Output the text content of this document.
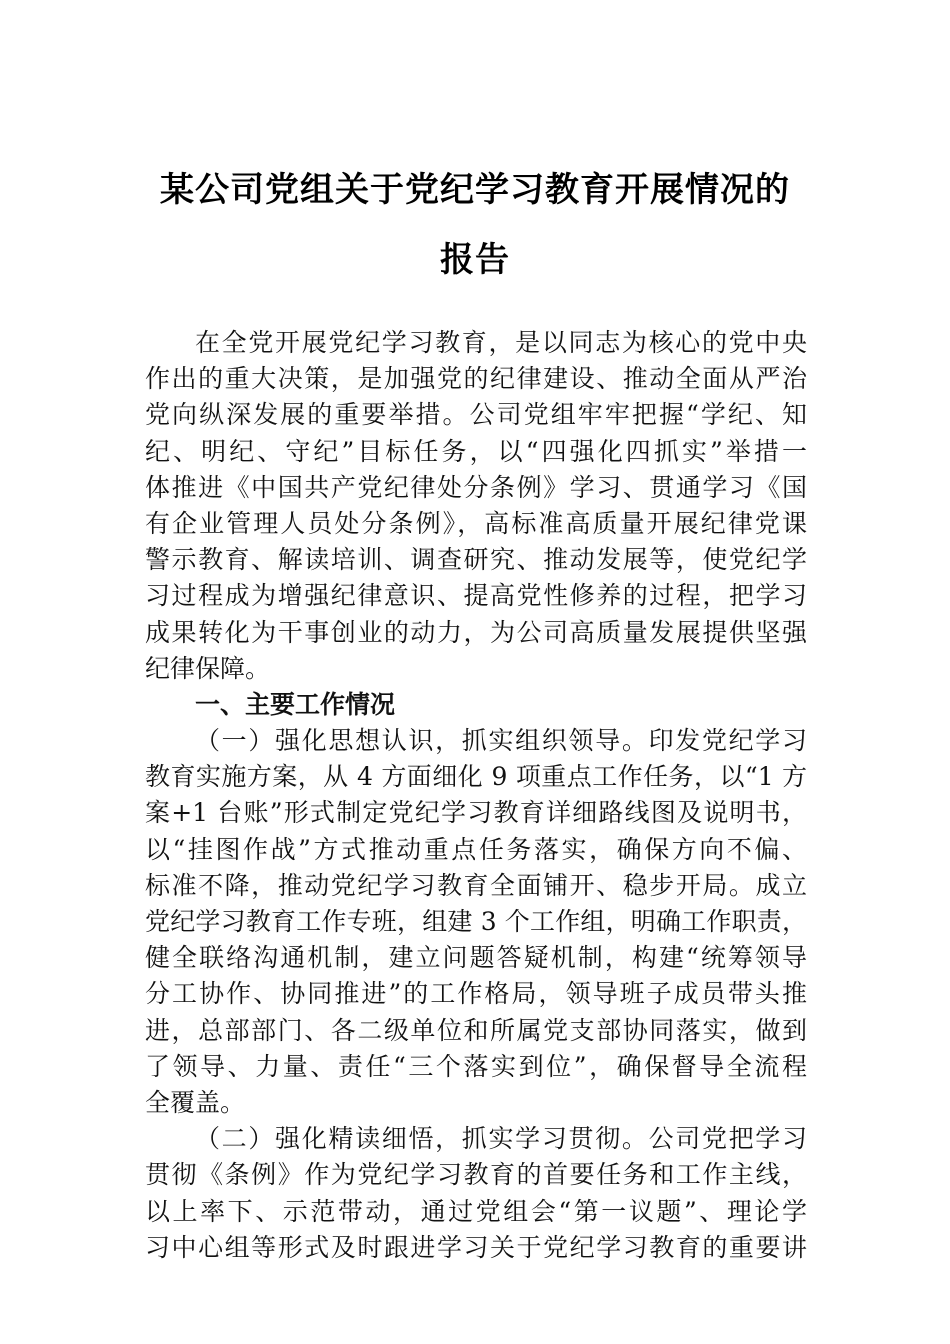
某公司党组关于党纪学习教育开展情况的
报告
在全党开展党纪学习教育，是以同志为核心的党中央
作出的重大决策，是加强党的纪律建设、推动全面从严治
党向纵深发展的重要举措。公司党组牢牢把握“学纪、知
纪、明纪、守纪”目标任务，以“四强化四抓实”举措一
体推进《中国共产党纪律处分条例》学习、贯通学习《国
有企业管理人员处分条例》，高标准高质量开展纪律党课
警示教育、解读培训、调查研究、推动发展等，使党纪学
习过程成为增强纪律意识、提高党性修养的过程，把学习
成果转化为干事创业的动力，为公司高质量发展提供坚强
纪律保障。
一、主要工作情况
（一）强化思想认识，抓实组织领导。印发党纪学习
教育实施方案，从 4 方面细化 9 项重点工作任务，以“1 方
案+1 台账”形式制定党纪学习教育详细路线图及说明书，
以“挂图作战”方式推动重点任务落实，确保方向不偏、
标准不降，推动党纪学习教育全面铺开、稳步开局。成立
党纪学习教育工作专班，组建 3 个工作组，明确工作职责，
健全联络沟通机制，建立问题答疑机制，构建“统筹领导
分工协作、协同推进”的工作格局，领导班子成员带头推
进，总部部门、各二级单位和所属党支部协同落实，做到
了领导、力量、责任“三个落实到位”，确保督导全流程
全覆盖。
（二）强化精读细悟，抓实学习贯彻。公司党把学习
贯彻《条例》作为党纪学习教育的首要任务和工作主线，
以上率下、示范带动，通过党组会“第一议题”、理论学
习中心组等形式及时跟进学习关于党纪学习教育的重要讲
